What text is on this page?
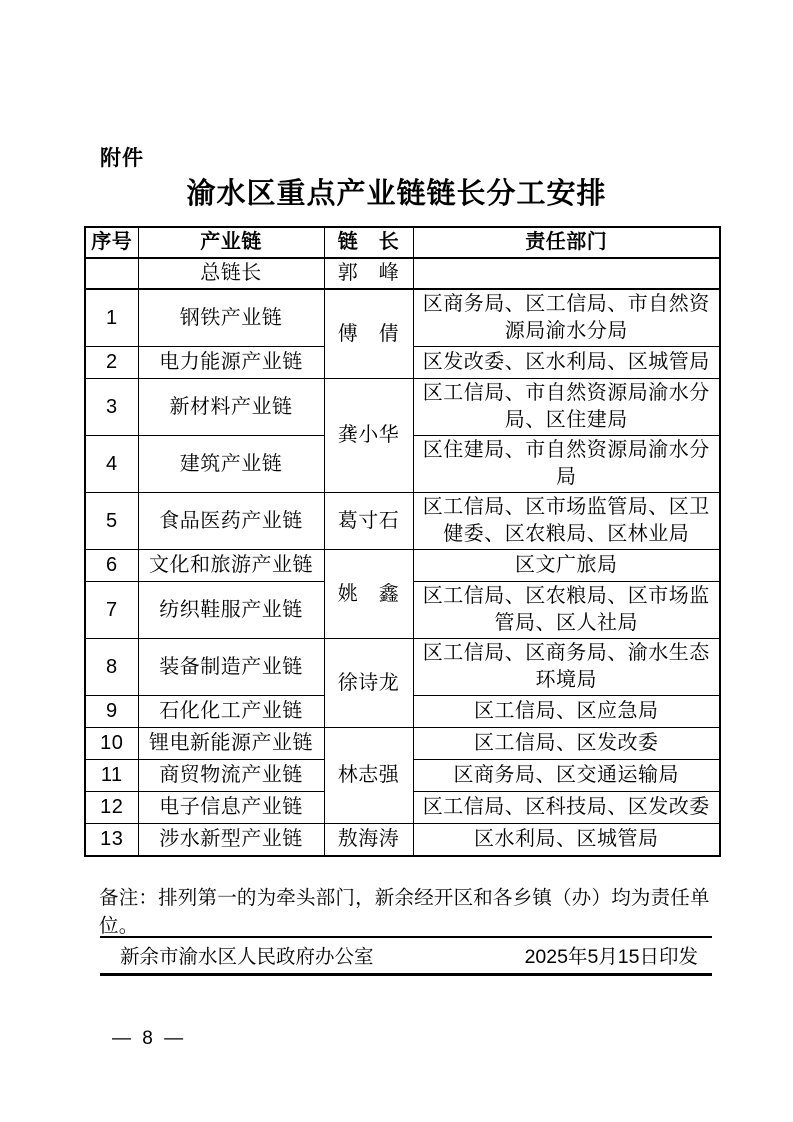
附件
渝水区重点产业链链长分工安排
序号	产业链	链　长	责任部门
	总链长	郭　峰	
1	钢铁产业链	傅　倩	区商务局、区工信局、市自然资源局渝水分局
2	电力能源产业链		区发改委、区水利局、区城管局
3	新材料产业链	龚小华	区工信局、市自然资源局渝水分局、区住建局
4	建筑产业链		区住建局、市自然资源局渝水分局
5	食品医药产业链	葛寸石	区工信局、区市场监管局、区卫健委、区农粮局、区林业局
6	文化和旅游产业链	姚　鑫	区文广旅局
7	纺织鞋服产业链		区工信局、区农粮局、区市场监管局、区人社局
8	装备制造产业链	徐诗龙	区工信局、区商务局、渝水生态环境局
9	石化化工产业链		区工信局、区应急局
10	锂电新能源产业链	林志强	区工信局、区发改委
11	商贸物流产业链		区商务局、区交通运输局
12	电子信息产业链		区工信局、区科技局、区发改委
13	涉水新型产业链	敖海涛	区水利局、区城管局

备注：排列第一的为牵头部门，新余经开区和各乡镇（办）均为责任单位。

新余市渝水区人民政府办公室	2025年5月15日印发
— 8 —
